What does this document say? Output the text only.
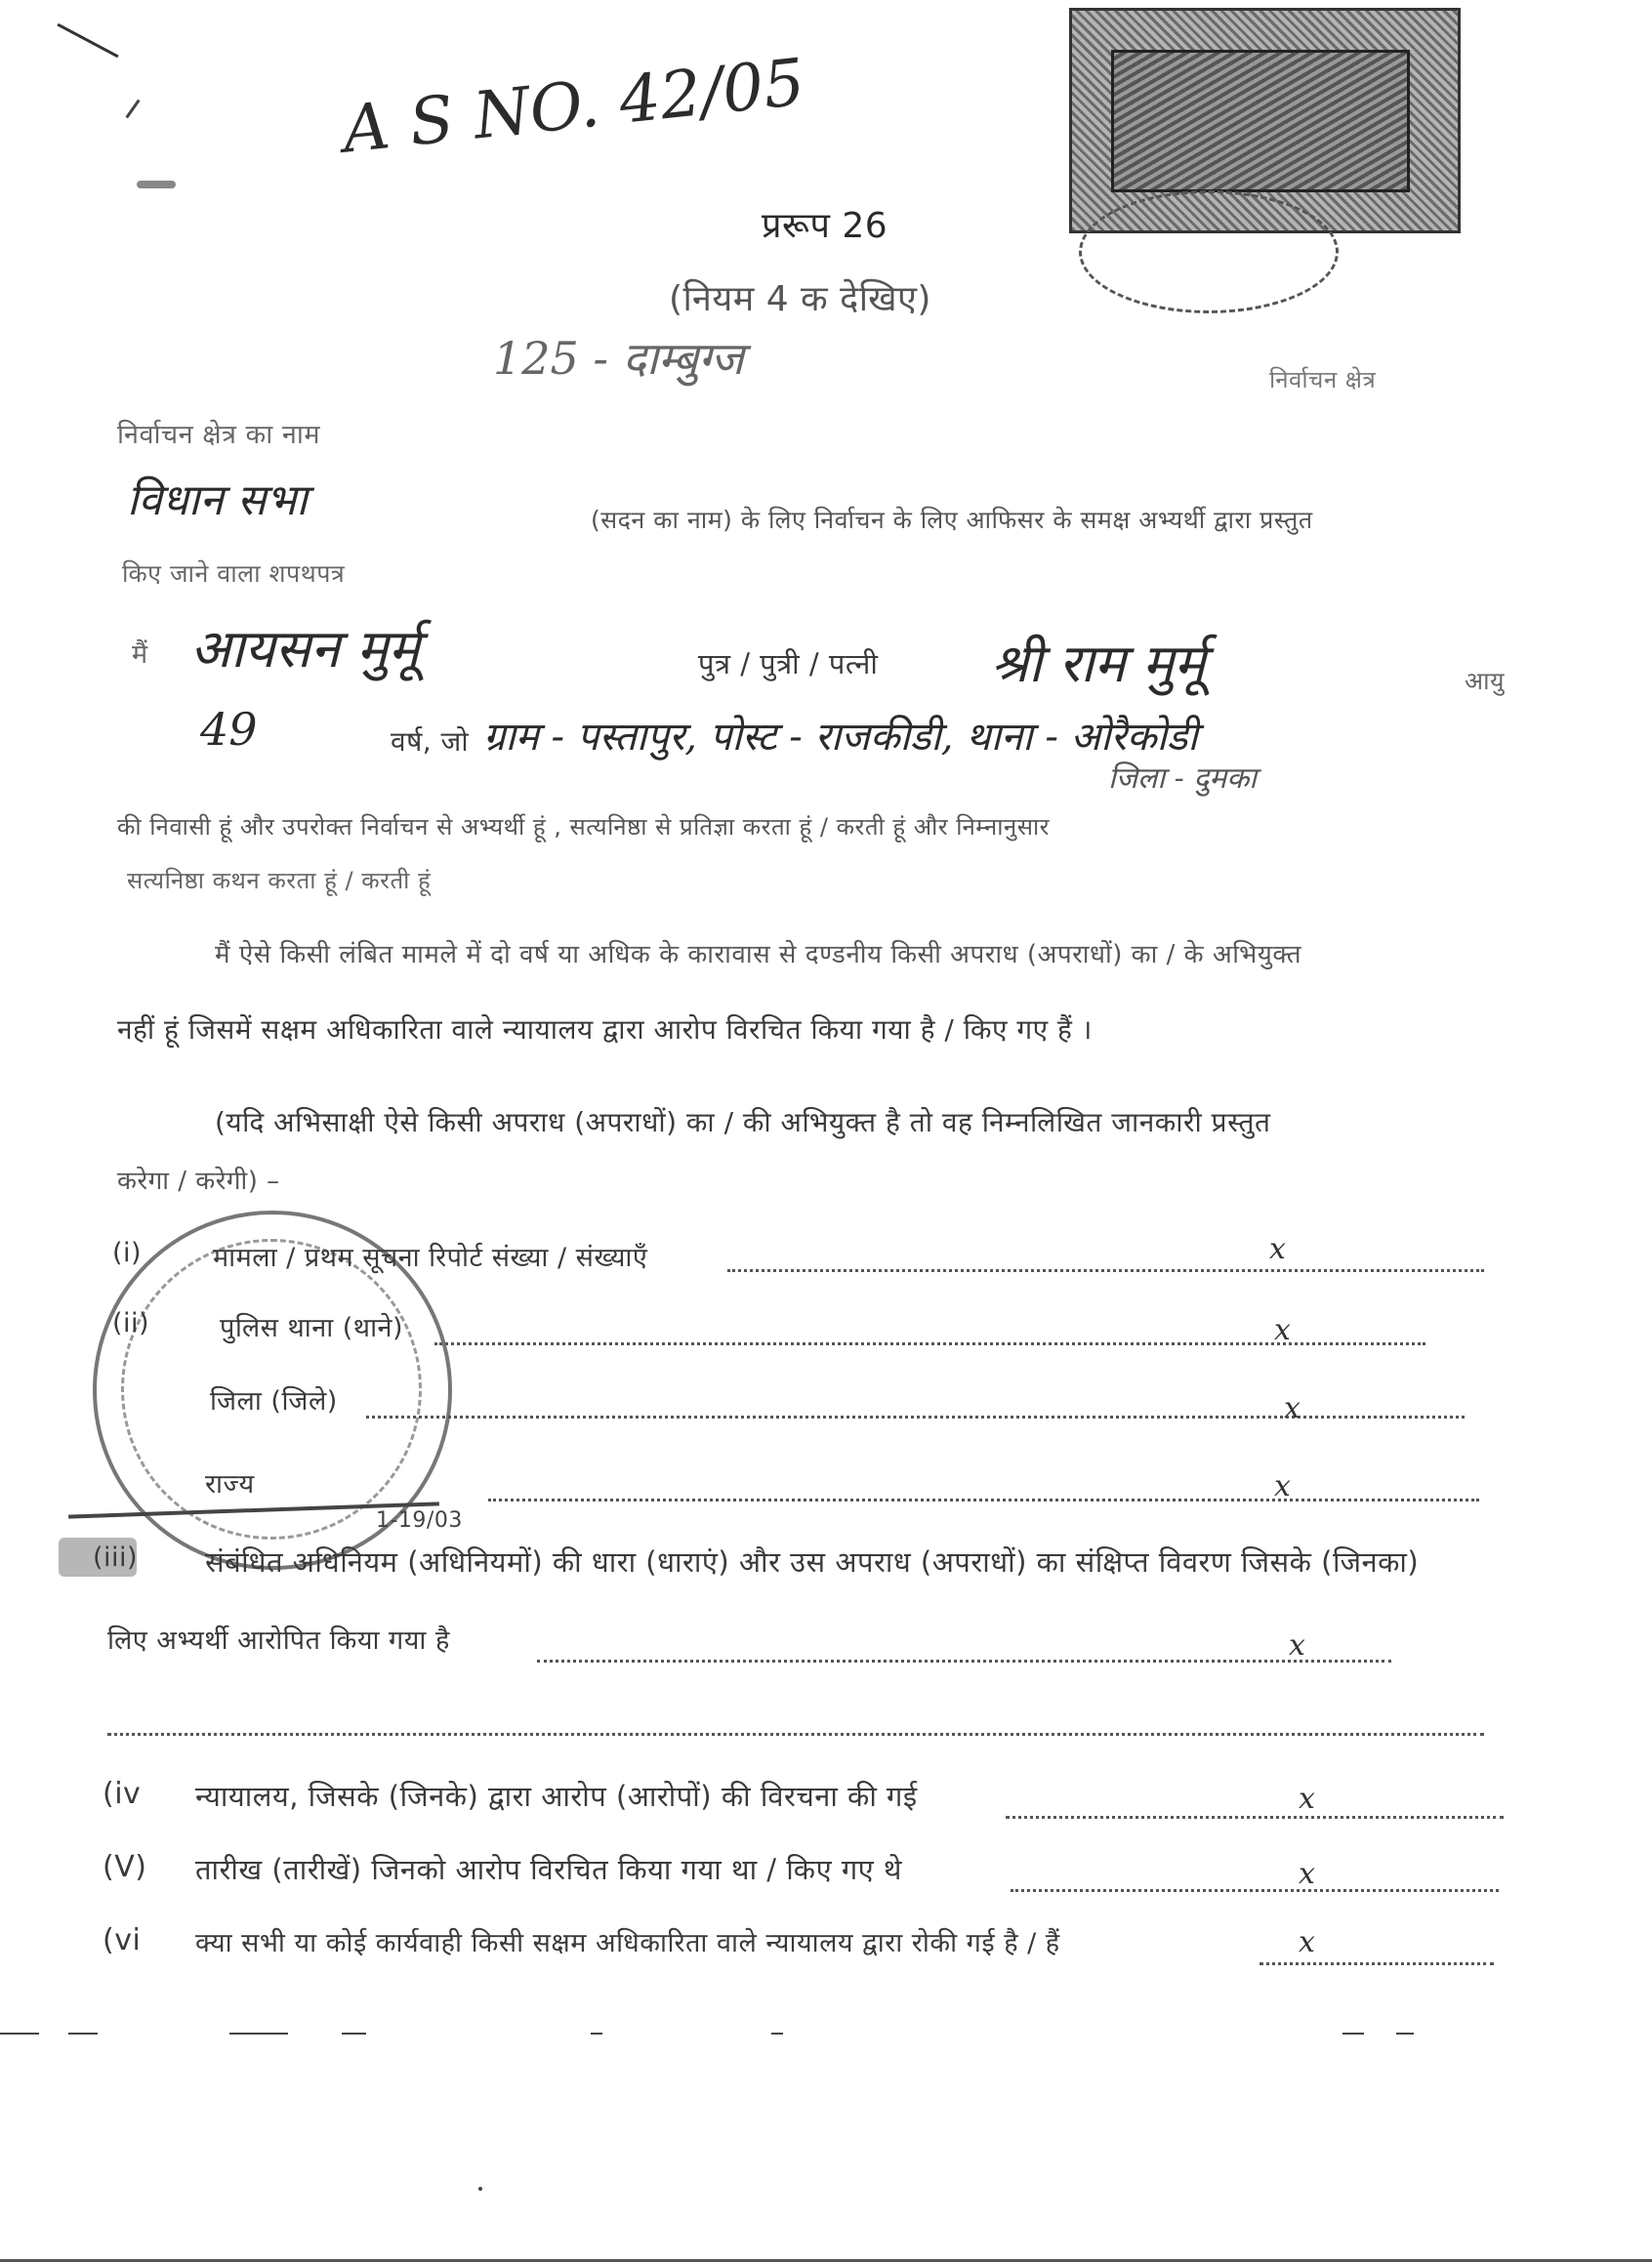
A S NO. 42/05
प्ररूप 26
(नियम 4 क देखिए)
125 - दाम्बुग्ज	निर्वाचन क्षेत्र
निर्वाचन क्षेत्र का नाम
विधान सभा	(सदन का नाम) के लिए निर्वाचन के लिए आफिसर के समक्ष अभ्यर्थी द्वारा प्रस्तुत
किए जाने वाला शपथपत्र
मैं आयसन मुर्मू	पुत्र / पुत्री / पत्नी श्री राम मुर्मू	आयु
49	वर्ष, जो ग्राम - पस्तापुर, पोस्ट - राजकीडी, थाना - ओरैकोडी
जिला - दुमका
की निवासी हूं और उपरोक्त निर्वाचन से अभ्यर्थी हूं , सत्यनिष्ठा से प्रतिज्ञा करता हूं / करती हूं और निम्नानुसार
सत्यनिष्ठा कथन करता हूं / करती हूं
मैं ऐसे किसी लंबित मामले में दो वर्ष या अधिक के कारावास से दण्डनीय किसी अपराध (अपराधों) का / के अभियुक्त
नहीं हूं जिसमें सक्षम अधिकारिता वाले न्यायालय द्वारा आरोप विरचित किया गया है / किए गए हैं ।
(यदि अभिसाक्षी ऐसे किसी अपराध (अपराधों) का / की अभियुक्त है तो वह निम्नलिखित जानकारी प्रस्तुत
करेगा / करेगी) –
1-19/03
(i)	मामला / प्रथम सूचना रिपोर्ट संख्या / संख्याएँ	x
(ii)	पुलिस थाना (थाने)	x
जिला (जिले)	x
राज्य	x
(iii) संबंधित अधिनियम (अधिनियमों) की धारा (धाराएं) और उस अपराध (अपराधों) का संक्षिप्त विवरण जिसके (जिनका)
लिए अभ्यर्थी आरोपित किया गया है	x
(iv न्यायालय, जिसके (जिनके) द्वारा आरोप (आरोपों) की विरचना की गई	x
(V) तारीख (तारीखें) जिनको आरोप विरचित किया गया था / किए गए थे	x
(vi क्या सभी या कोई कार्यवाही किसी सक्षम अधिकारिता वाले न्यायालय द्वारा रोकी गई है / हैं	x
